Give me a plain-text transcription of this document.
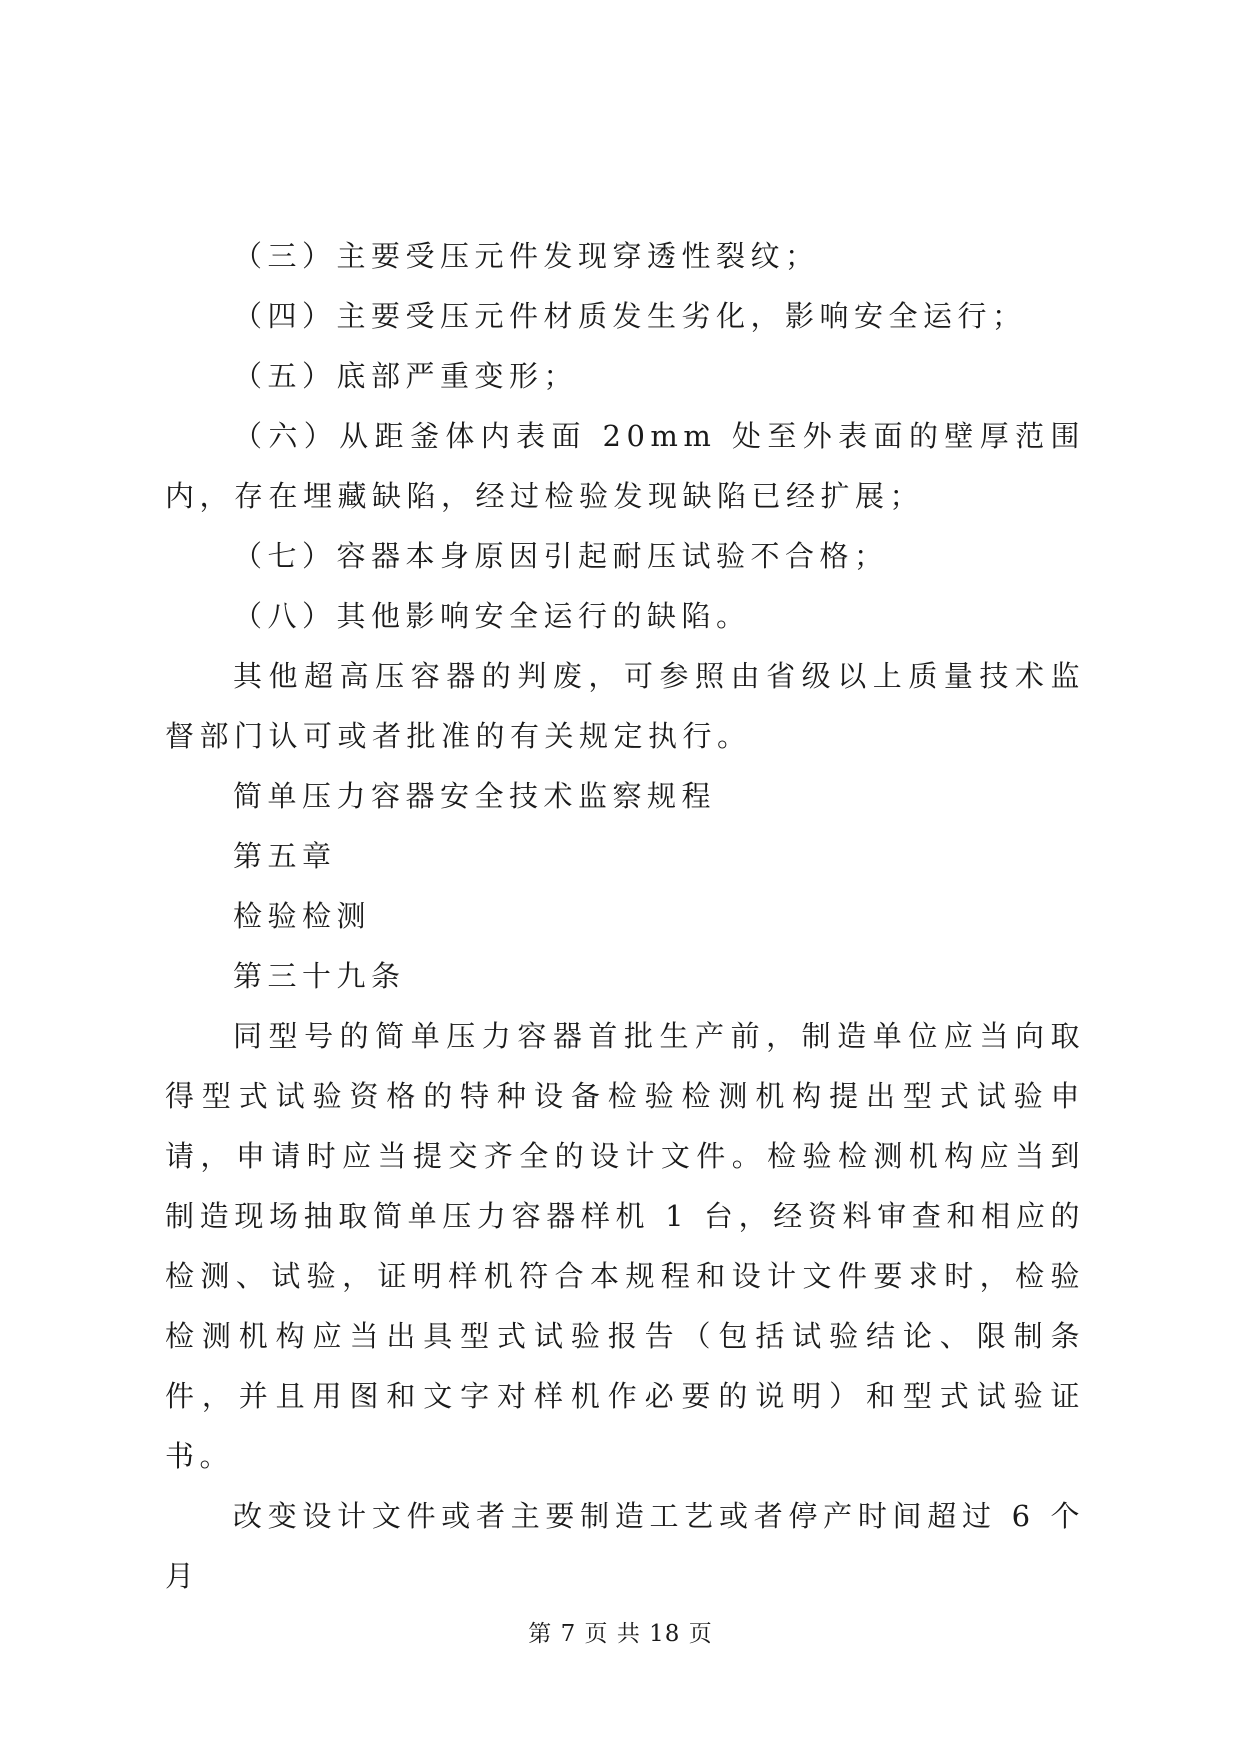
（三）主要受压元件发现穿透性裂纹；

（四）主要受压元件材质发生劣化，影响安全运行；

（五）底部严重变形；

（六）从距釜体内表面 20mm 处至外表面的壁厚范围内，存在埋藏缺陷，经过检验发现缺陷已经扩展；

（七）容器本身原因引起耐压试验不合格；

（八）其他影响安全运行的缺陷。

其他超高压容器的判废，可参照由省级以上质量技术监督部门认可或者批准的有关规定执行。

简单压力容器安全技术监察规程

第五章

检验检测

第三十九条

同型号的简单压力容器首批生产前，制造单位应当向取得型式试验资格的特种设备检验检测机构提出型式试验申请，申请时应当提交齐全的设计文件。检验检测机构应当到制造现场抽取简单压力容器样机 1 台，经资料审查和相应的检测、试验，证明样机符合本规程和设计文件要求时，检验检测机构应当出具型式试验报告（包括试验结论、限制条件，并且用图和文字对样机作必要的说明）和型式试验证书。

改变设计文件或者主要制造工艺或者停产时间超过 6 个月

第 7 页 共 18 页
